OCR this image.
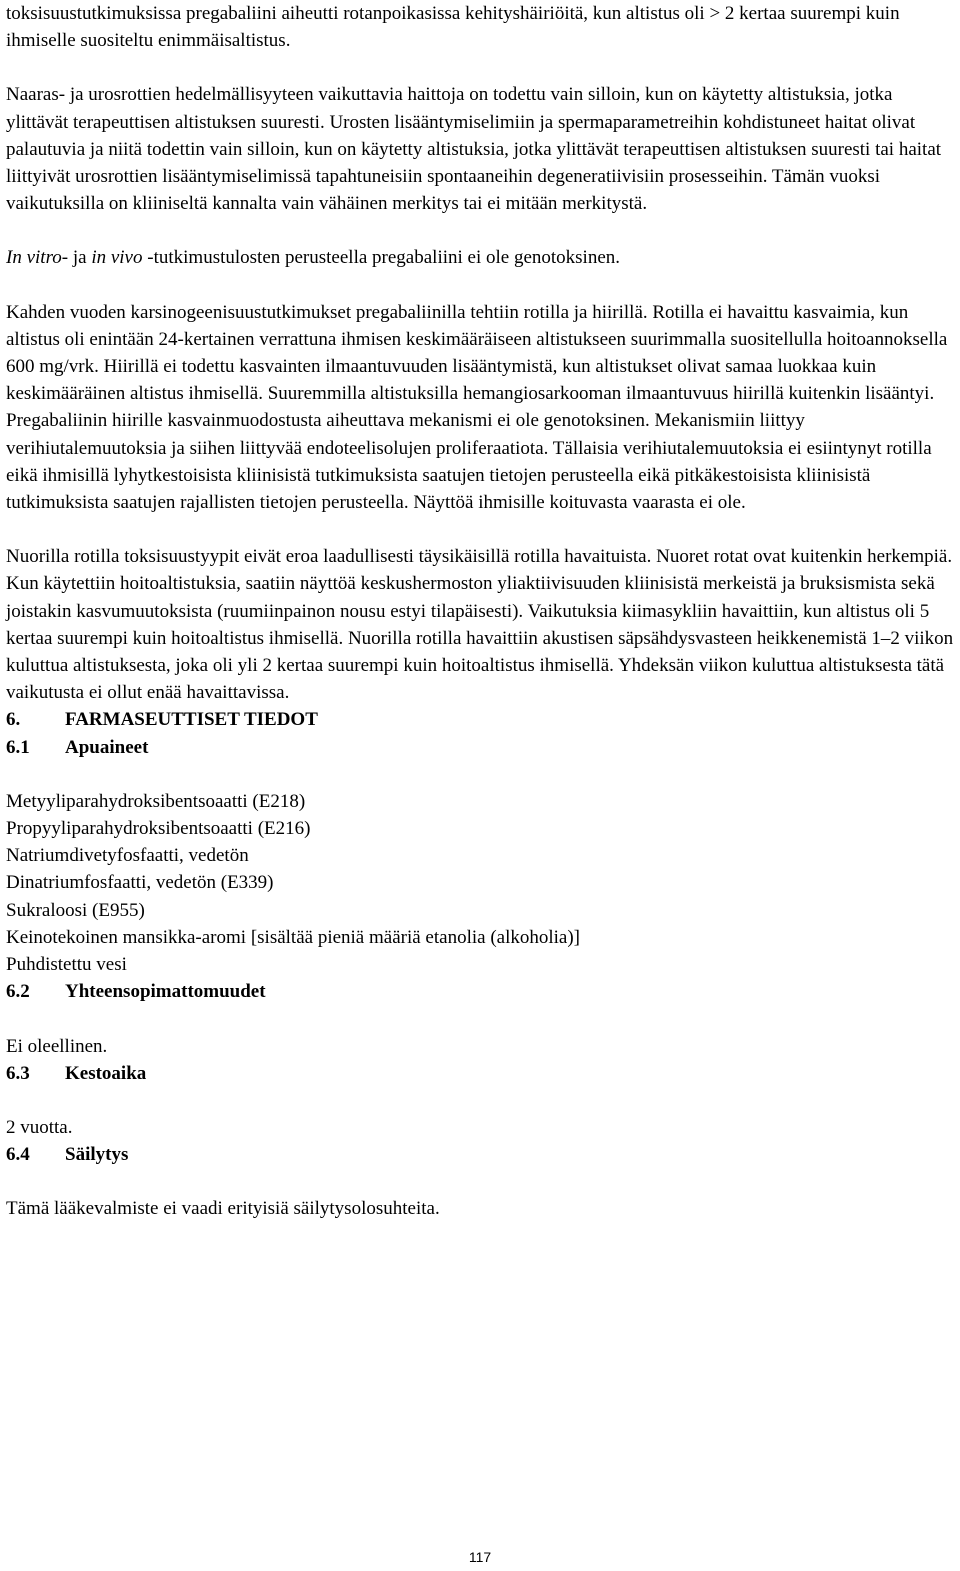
toksisuustutkimuksissa pregabaliini aiheutti rotanpoikasissa kehityshäiriöitä, kun altistus oli > 2 kertaa suurempi kuin ihmiselle suositeltu enimmäisaltistus.

Naaras- ja urosrottien hedelmällisyyteen vaikuttavia haittoja on todettu vain silloin, kun on käytetty altistuksia, jotka ylittävät terapeuttisen altistuksen suuresti. Urosten lisääntymiselimiin ja spermaparametreihin kohdistuneet haitat olivat palautuvia ja niitä todettin vain silloin, kun on käytetty altistuksia, jotka ylittävät terapeuttisen altistuksen suuresti tai haitat liittyivät urosrottien lisääntymiselimissä tapahtuneisiin spontaaneihin degeneratiivisiin prosesseihin. Tämän vuoksi vaikutuksilla on kliiniseltä kannalta vain vähäinen merkitys tai ei mitään merkitystä.

In vitro- ja in vivo -tutkimustulosten perusteella pregabaliini ei ole genotoksinen.

Kahden vuoden karsinogeenisuustutkimukset pregabaliinilla tehtiin rotilla ja hiirillä. Rotilla ei havaittu kasvaimia, kun altistus oli enintään 24-kertainen verrattuna ihmisen keskimääräiseen altistukseen suurimmalla suositellulla hoitoannoksella 600 mg/vrk. Hiirillä ei todettu kasvainten ilmaantuvuuden lisääntymistä, kun altistukset olivat samaa luokkaa kuin keskimääräinen altistus ihmisellä. Suuremmilla altistuksilla hemangiosarkooman ilmaantuvuus hiirillä kuitenkin lisääntyi. Pregabaliinin hiirille kasvainmuodostusta aiheuttava mekanismi ei ole genotoksinen. Mekanismiin liittyy verihiutalemuutoksia ja siihen liittyvää endoteelisolujen proliferaatiota. Tällaisia verihiutalemuutoksia ei esiintynyt rotilla eikä ihmisillä lyhytkestoisista kliinisistä tutkimuksista saatujen tietojen perusteella eikä pitkäkestoisista kliinisistä tutkimuksista saatujen rajallisten tietojen perusteella. Näyttöä ihmisille koituvasta vaarasta ei ole.

Nuorilla rotilla toksisuustyypit eivät eroa laadullisesti täysikäisillä rotilla havaituista. Nuoret rotat ovat kuitenkin herkempiä. Kun käytettiin hoitoaltistuksia, saatiin näyttöä keskushermoston yliaktiivisuuden kliinisistä merkeistä ja bruksismista sekä joistakin kasvumuutoksista (ruumiinpainon nousu estyi tilapäisesti). Vaikutuksia kiimasykliin havaittiin, kun altistus oli 5 kertaa suurempi kuin hoitoaltistus ihmisellä. Nuorilla rotilla havaittiin akustisen säpsähdysvasteen heikkenemistä 1–2 viikon kuluttua altistuksesta, joka oli yli 2 kertaa suurempi kuin hoitoaltistus ihmisellä. Yhdeksän viikon kuluttua altistuksesta tätä vaikutusta ei ollut enää havaittavissa.

6. FARMASEUTTISET TIEDOT
6.1 Apuaineet

Metyyliparahydroksibentsoaatti (E218)

Propyyliparahydroksibentsoaatti (E216)

Natriumdivetyfosfaatti, vedetön

Dinatriumfosfaatti, vedetön (E339)

Sukraloosi (E955)

Keinotekoinen mansikka-aromi [sisältää pieniä määriä etanolia (alkoholia)]

Puhdistettu vesi

6.2 Yhteensopimattomuudet

Ei oleellinen.

6.3 Kestoaika

2 vuotta.

6.4 Säilytys

Tämä lääkevalmiste ei vaadi erityisiä säilytysolosuhteita.

117
